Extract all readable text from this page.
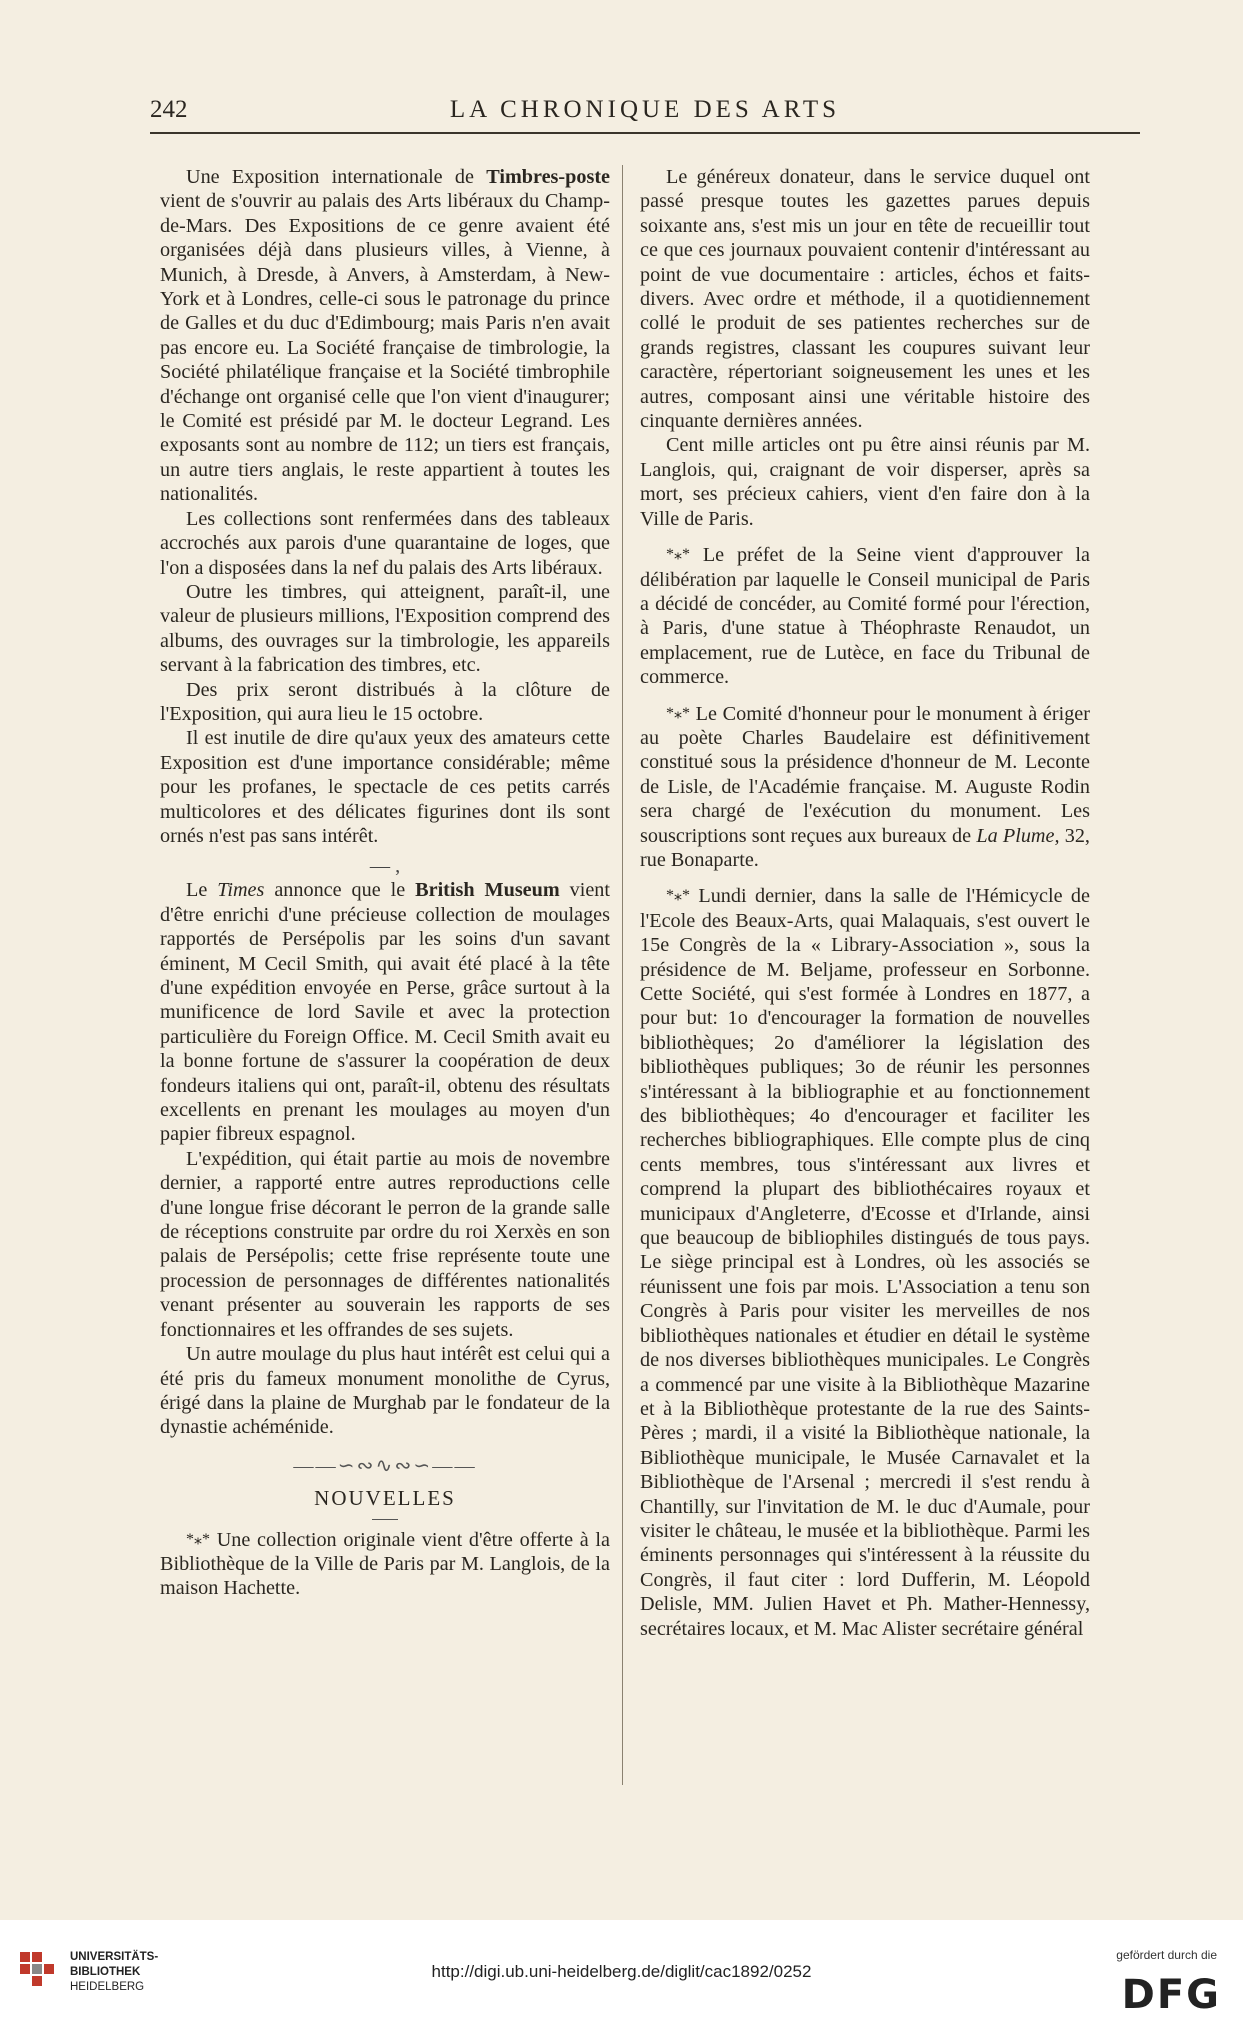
242	LA CHRONIQUE DES ARTS

Une Exposition internationale de Timbres-poste vient de s'ouvrir au palais des Arts libéraux du Champ-de-Mars. Des Expositions de ce genre avaient été organisées déjà dans plusieurs villes, à Vienne, à Munich, à Dresde, à Anvers, à Amsterdam, à New-York et à Londres, celle-ci sous le patronage du prince de Galles et du duc d'Edimbourg; mais Paris n'en avait pas encore eu. La Société française de timbrologie, la Société philatélique française et la Société timbrophile d'échange ont organisé celle que l'on vient d'inaugurer; le Comité est présidé par M. le docteur Legrand. Les exposants sont au nombre de 112; un tiers est français, un autre tiers anglais, le reste appartient à toutes les nationalités.

Les collections sont renfermées dans des tableaux accrochés aux parois d'une quarantaine de loges, que l'on a disposées dans la nef du palais des Arts libéraux.

Outre les timbres, qui atteignent, paraît-il, une valeur de plusieurs millions, l'Exposition comprend des albums, des ouvrages sur la timbrologie, les appareils servant à la fabrication des timbres, etc.

Des prix seront distribués à la clôture de l'Exposition, qui aura lieu le 15 octobre.

Il est inutile de dire qu'aux yeux des amateurs cette Exposition est d'une importance considérable; même pour les profanes, le spectacle de ces petits carrés multicolores et des délicates figurines dont ils sont ornés n'est pas sans intérêt.

— ,

Le Times annonce que le British Museum vient d'être enrichi d'une précieuse collection de moulages rapportés de Persépolis par les soins d'un savant éminent, M Cecil Smith, qui avait été placé à la tête d'une expédition envoyée en Perse, grâce surtout à la munificence de lord Savile et avec la protection particulière du Foreign Office. M. Cecil Smith avait eu la bonne fortune de s'assurer la coopération de deux fondeurs italiens qui ont, paraît-il, obtenu des résultats excellents en prenant les moulages au moyen d'un papier fibreux espagnol.

L'expédition, qui était partie au mois de novembre dernier, a rapporté entre autres reproductions celle d'une longue frise décorant le perron de la grande salle de réceptions construite par ordre du roi Xerxès en son palais de Persépolis; cette frise représente toute une procession de personnages de différentes nationalités venant présenter au souverain les rapports de ses fonctionnaires et les offrandes de ses sujets.

Un autre moulage du plus haut intérêt est celui qui a été pris du fameux monument monolithe de Cyrus, érigé dans la plaine de Murghab par le fondateur de la dynastie achéménide.

——∽∾∿∾∽——
NOUVELLES

*⁎* Une collection originale vient d'être offerte à la Bibliothèque de la Ville de Paris par M. Langlois, de la maison Hachette.

Le généreux donateur, dans le service duquel ont passé presque toutes les gazettes parues depuis soixante ans, s'est mis un jour en tête de recueillir tout ce que ces journaux pouvaient contenir d'intéressant au point de vue documentaire : articles, échos et faits-divers. Avec ordre et méthode, il a quotidiennement collé le produit de ses patientes recherches sur de grands registres, classant les coupures suivant leur caractère, répertoriant soigneusement les unes et les autres, composant ainsi une véritable histoire des cinquante dernières années.

Cent mille articles ont pu être ainsi réunis par M. Langlois, qui, craignant de voir disperser, après sa mort, ses précieux cahiers, vient d'en faire don à la Ville de Paris.

*⁎* Le préfet de la Seine vient d'approuver la délibération par laquelle le Conseil municipal de Paris a décidé de concéder, au Comité formé pour l'érection, à Paris, d'une statue à Théophraste Renaudot, un emplacement, rue de Lutèce, en face du Tribunal de commerce.

*⁎* Le Comité d'honneur pour le monument à ériger au poète Charles Baudelaire est définitivement constitué sous la présidence d'honneur de M. Leconte de Lisle, de l'Académie française. M. Auguste Rodin sera chargé de l'exécution du monument. Les souscriptions sont reçues aux bureaux de La Plume, 32, rue Bonaparte.

*⁎* Lundi dernier, dans la salle de l'Hémicycle de l'Ecole des Beaux-Arts, quai Malaquais, s'est ouvert le 15e Congrès de la « Library-Association », sous la présidence de M. Beljame, professeur en Sorbonne. Cette Société, qui s'est formée à Londres en 1877, a pour but: 1o d'encourager la formation de nouvelles bibliothèques; 2o d'améliorer la législation des bibliothèques publiques; 3o de réunir les personnes s'intéressant à la bibliographie et au fonctionnement des bibliothèques; 4o d'encourager et faciliter les recherches bibliographiques. Elle compte plus de cinq cents membres, tous s'intéressant aux livres et comprend la plupart des bibliothécaires royaux et municipaux d'Angleterre, d'Ecosse et d'Irlande, ainsi que beaucoup de bibliophiles distingués de tous pays. Le siège principal est à Londres, où les associés se réunissent une fois par mois. L'Association a tenu son Congrès à Paris pour visiter les merveilles de nos bibliothèques nationales et étudier en détail le système de nos diverses bibliothèques municipales. Le Congrès a commencé par une visite à la Bibliothèque Mazarine et à la Bibliothèque protestante de la rue des Saints-Pères ; mardi, il a visité la Bibliothèque nationale, la Bibliothèque municipale, le Musée Carnavalet et la Bibliothèque de l'Arsenal ; mercredi il s'est rendu à Chantilly, sur l'invitation de M. le duc d'Aumale, pour visiter le château, le musée et la bibliothèque. Parmi les éminents personnages qui s'intéressent à la réussite du Congrès, il faut citer : lord Dufferin, M. Léopold Delisle, MM. Julien Havet et Ph. Mather-Hennessy, secrétaires locaux, et M. Mac Alister secrétaire général

UNIVERSITÄTS-
BIBLIOTHEK
HEIDELBERG
http://digi.ub.uni-heidelberg.de/diglit/cac1892/0252
gefördert durch die
DFG
